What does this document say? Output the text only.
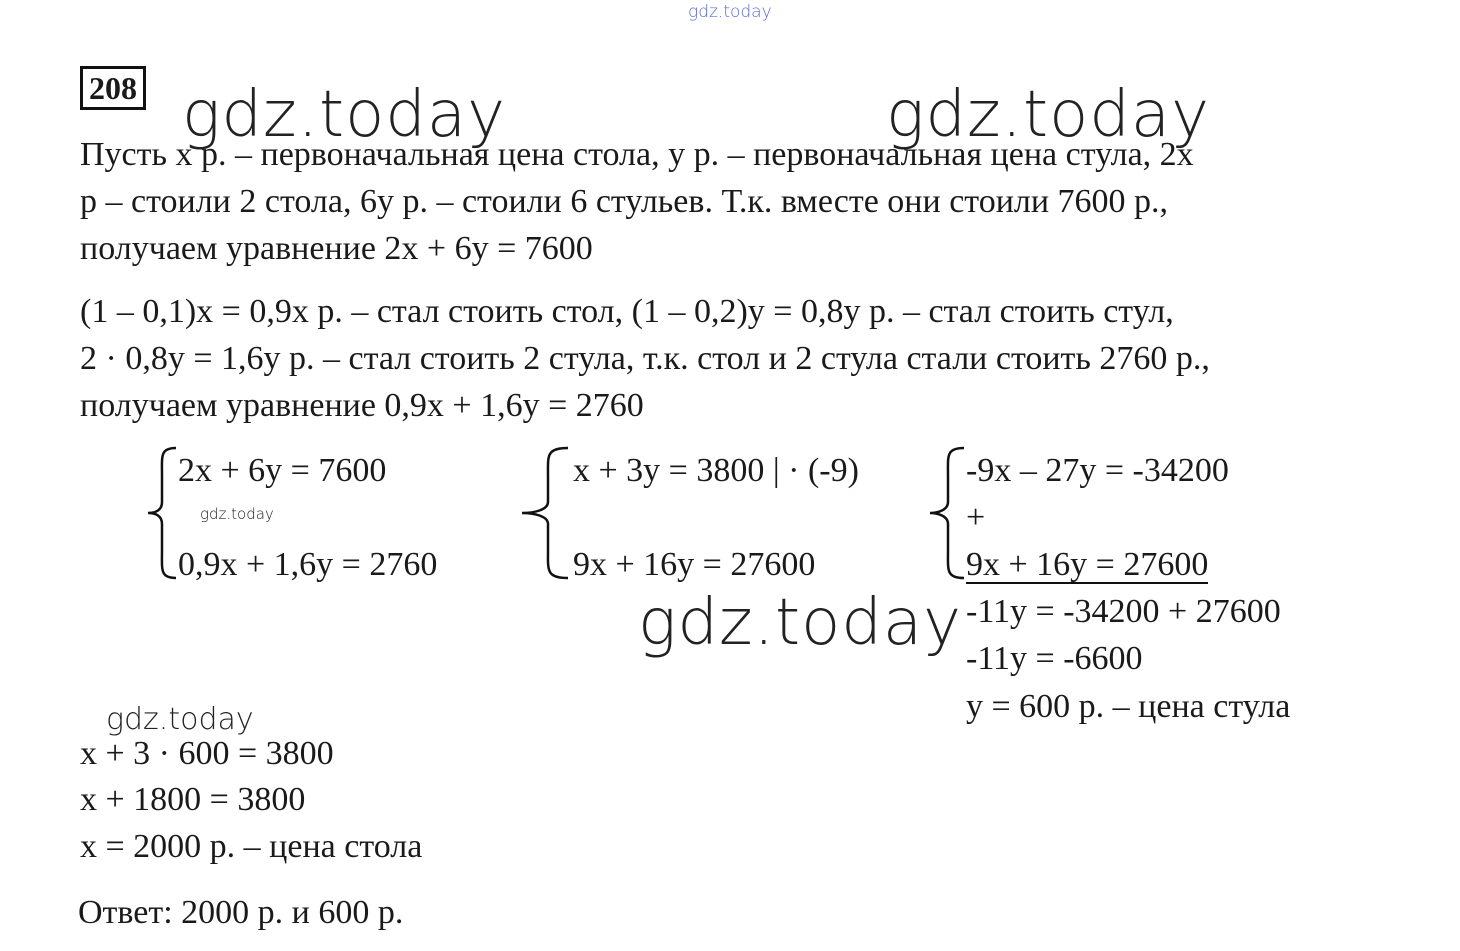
gdz.today
gdz.today	gdz.today
208
Пусть x р. – первоначальная цена стола, y р. – первоначальная цена стула, 2x
р – стоили 2 стола, 6y р. – стоили 6 стульев. Т.к. вместе они стоили 7600 р.,
получаем уравнение 2x + 6y = 7600
(1 – 0,1)x = 0,9x р. – стал стоить стол, (1 – 0,2)y = 0,8y р. – стал стоить стул,
2 · 0,8y = 1,6y р. – стал стоить 2 стула, т.к. стол и 2 стула стали стоить 2760 р.,
получаем уравнение 0,9x + 1,6y = 2760
2x + 6y = 7600
gdz.today
0,9x + 1,6y = 2760
x + 3y = 3800 | · (-9)
9x + 16y = 27600
-9x – 27y = -34200
+
9x + 16y = 27600
-11y = -34200 + 27600
-11y = -6600
y = 600 р. – цена стула
gdz.today
gdz.today
x + 3 · 600 = 3800
x + 1800 = 3800
x = 2000 р. – цена стола
Ответ: 2000 р. и 600 р.
